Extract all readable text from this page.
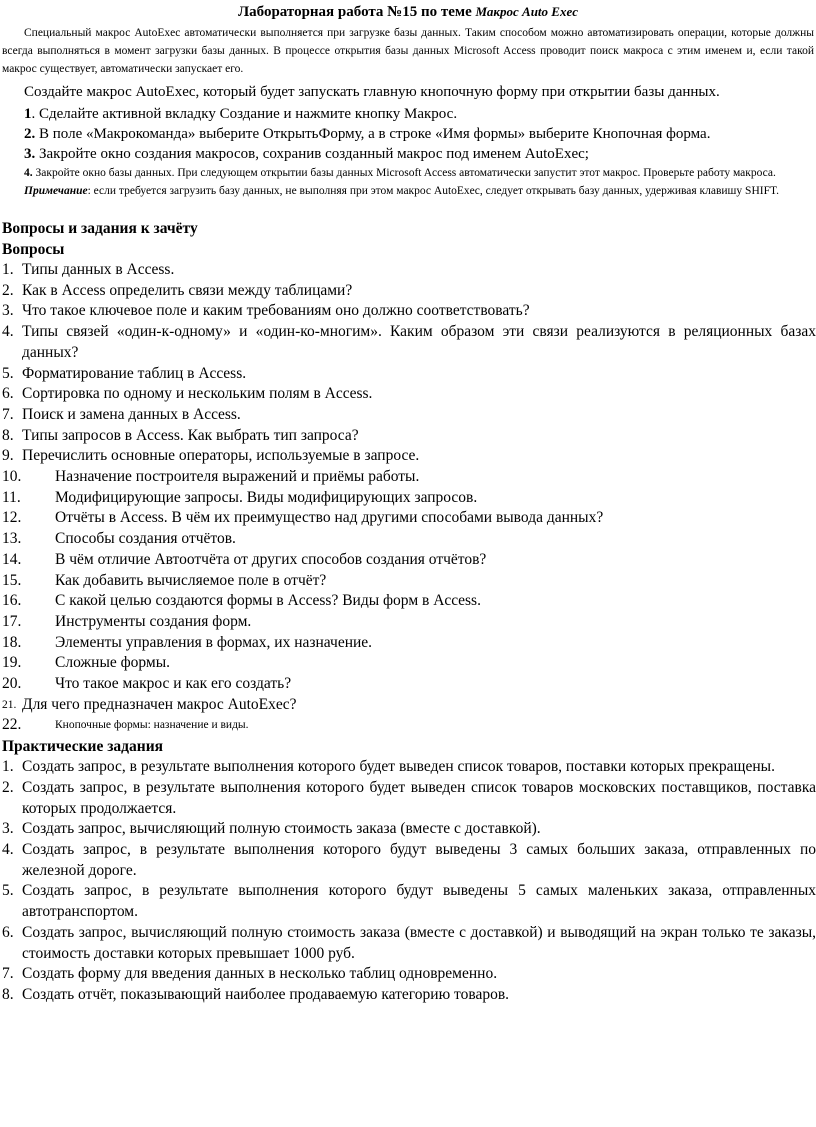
Лабораторная работа №15 по теме Макрос Auto Exec
Специальный макрос AutoExec автоматически выполняется при загрузке базы данных. Таким способом можно автоматизировать операции, которые должны всегда выполняться в момент загрузки базы данных. В процессе открытия базы данных Microsoft Access проводит поиск макроса с этим именем и, если такой макрос существует, автоматически запускает его.
Создайте макрос AutoExec, который будет запускать главную кнопочную форму при открытии базы данных.
1. Сделайте активной вкладку Создание и нажмите кнопку Макрос.
2. В поле «Макрокоманда» выберите ОткрытьФорму, а в строке «Имя формы» выберите Кнопочная форма.
3. Закройте окно создания макросов, сохранив созданный макрос под именем AutoExec;
4. Закройте окно базы данных. При следующем открытии базы данных Microsoft Access автоматически запустит этот макрос. Проверьте работу макроса.
Примечание: если требуется загрузить базу данных, не выполняя при этом макрос AutoExec, следует открывать базу данных, удерживая клавишу SHIFT.
Вопросы и задания к зачёту
Вопросы
1. Типы данных в Access.
2. Как в Access определить связи между таблицами?
3. Что такое ключевое поле и каким требованиям оно должно соответствовать?
4. Типы связей «один-к-одному» и «один-ко-многим». Каким образом эти связи реализуются в реляционных базах данных?
5. Форматирование таблиц в Access.
6. Сортировка по одному и нескольким полям в Access.
7. Поиск и замена данных в Access.
8. Типы запросов в Access. Как выбрать тип запроса?
9. Перечислить основные операторы, используемые в запросе.
10. Назначение построителя выражений и приёмы работы.
11. Модифицирующие запросы. Виды модифицирующих запросов.
12. Отчёты в Access. В чём их преимущество над другими способами вывода данных?
13. Способы создания отчётов.
14. В чём отличие Автоотчёта от других способов создания отчётов?
15. Как добавить вычисляемое поле в отчёт?
16. С какой целью создаются формы в Access? Виды форм в Access.
17. Инструменты создания форм.
18. Элементы управления в формах, их назначение.
19. Сложные формы.
20. Что такое макрос и как его создать?
21. Для чего предназначен макрос AutoExec?
22.	Кнопочные формы: назначение и виды.
Практические задания
1. Создать запрос, в результате выполнения которого будет выведен список товаров, поставки которых прекращены.
2. Создать запрос, в результате выполнения которого будет выведен список товаров московских поставщиков, поставка которых продолжается.
3. Создать запрос, вычисляющий полную стоимость заказа (вместе с доставкой).
4. Создать запрос, в результате выполнения которого будут выведены 3 самых больших заказа, отправленных по железной дороге.
5. Создать запрос, в результате выполнения которого будут выведены 5 самых маленьких заказа, отправленных автотранспортом.
6. Создать запрос, вычисляющий полную стоимость заказа (вместе с доставкой) и выводящий на экран только те заказы, стоимость доставки которых превышает 1000 руб.
7. Создать форму для введения данных в несколько таблиц одновременно.
8. Создать отчёт, показывающий наиболее продаваемую категорию товаров.
